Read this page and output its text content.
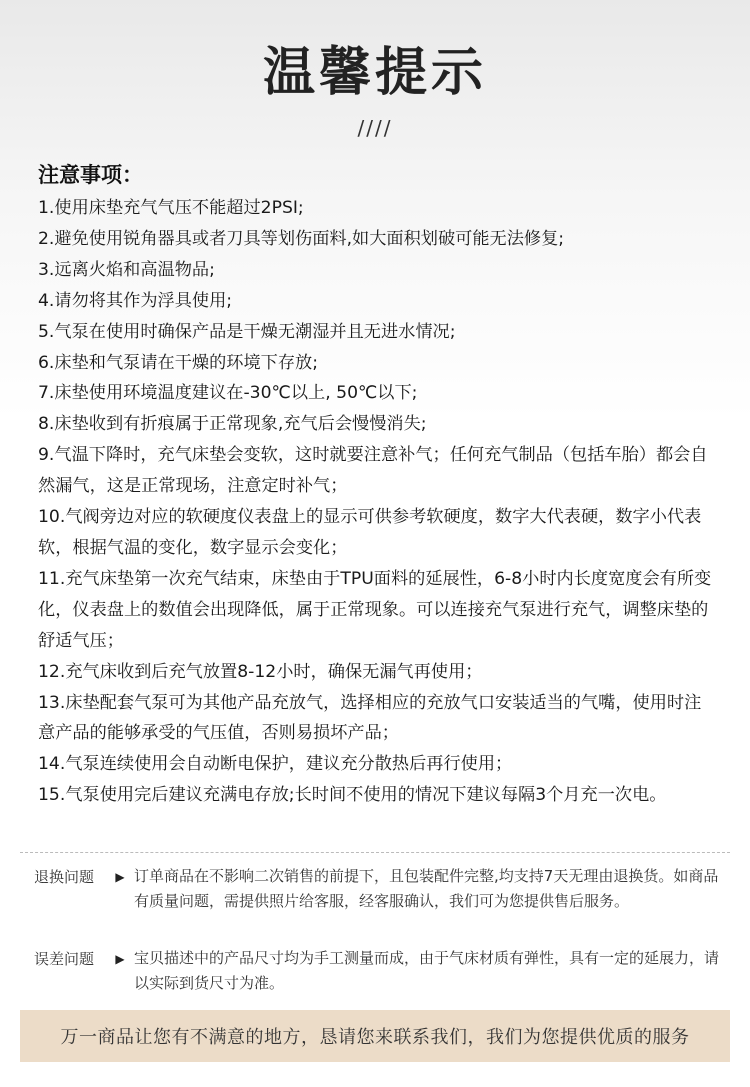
温馨提示
////
注意事项：
1.使用床垫充气气压不能超过2PSI;
2.避免使用锐角器具或者刀具等划伤面料,如大面积划破可能无法修复;
3.远离火焰和高温物品;
4.请勿将其作为浮具使用;
5.气泵在使用时确保产品是干燥无潮湿并且无进水情况;
6.床垫和气泵请在干燥的环境下存放;
7.床垫使用环境温度建议在-30℃以上, 50℃以下;
8.床垫收到有折痕属于正常现象,充气后会慢慢消失;
9.气温下降时，充气床垫会变软，这时就要注意补气；任何充气制品（包括车胎）都会自然漏气，这是正常现场，注意定时补气；
10.气阀旁边对应的软硬度仪表盘上的显示可供参考软硬度，数字大代表硬，数字小代表软，根据气温的变化，数字显示会变化；
11.充气床垫第一次充气结束，床垫由于TPU面料的延展性，6-8小时内长度宽度会有所变化，仪表盘上的数值会出现降低，属于正常现象。可以连接充气泵进行充气，调整床垫的舒适气压；
12.充气床收到后充气放置8-12小时，确保无漏气再使用；
13.床垫配套气泵可为其他产品充放气，选择相应的充放气口安装适当的气嘴，使用时注意产品的能够承受的气压值，否则易损坏产品；
14.气泵连续使用会自动断电保护，建议充分散热后再行使用；
15.气泵使用完后建议充满电存放;长时间不使用的情况下建议每隔3个月充一次电。
退换问题	▶ 订单商品在不影响二次销售的前提下，且包装配件完整,均支持7天无理由退换货。如商品有质量问题，需提供照片给客服，经客服确认，我们可为您提供售后服务。
误差问题	▶ 宝贝描述中的产品尺寸均为手工测量而成，由于气床材质有弹性，具有一定的延展力，请以实际到货尺寸为准。
万一商品让您有不满意的地方，恳请您来联系我们，我们为您提供优质的服务
